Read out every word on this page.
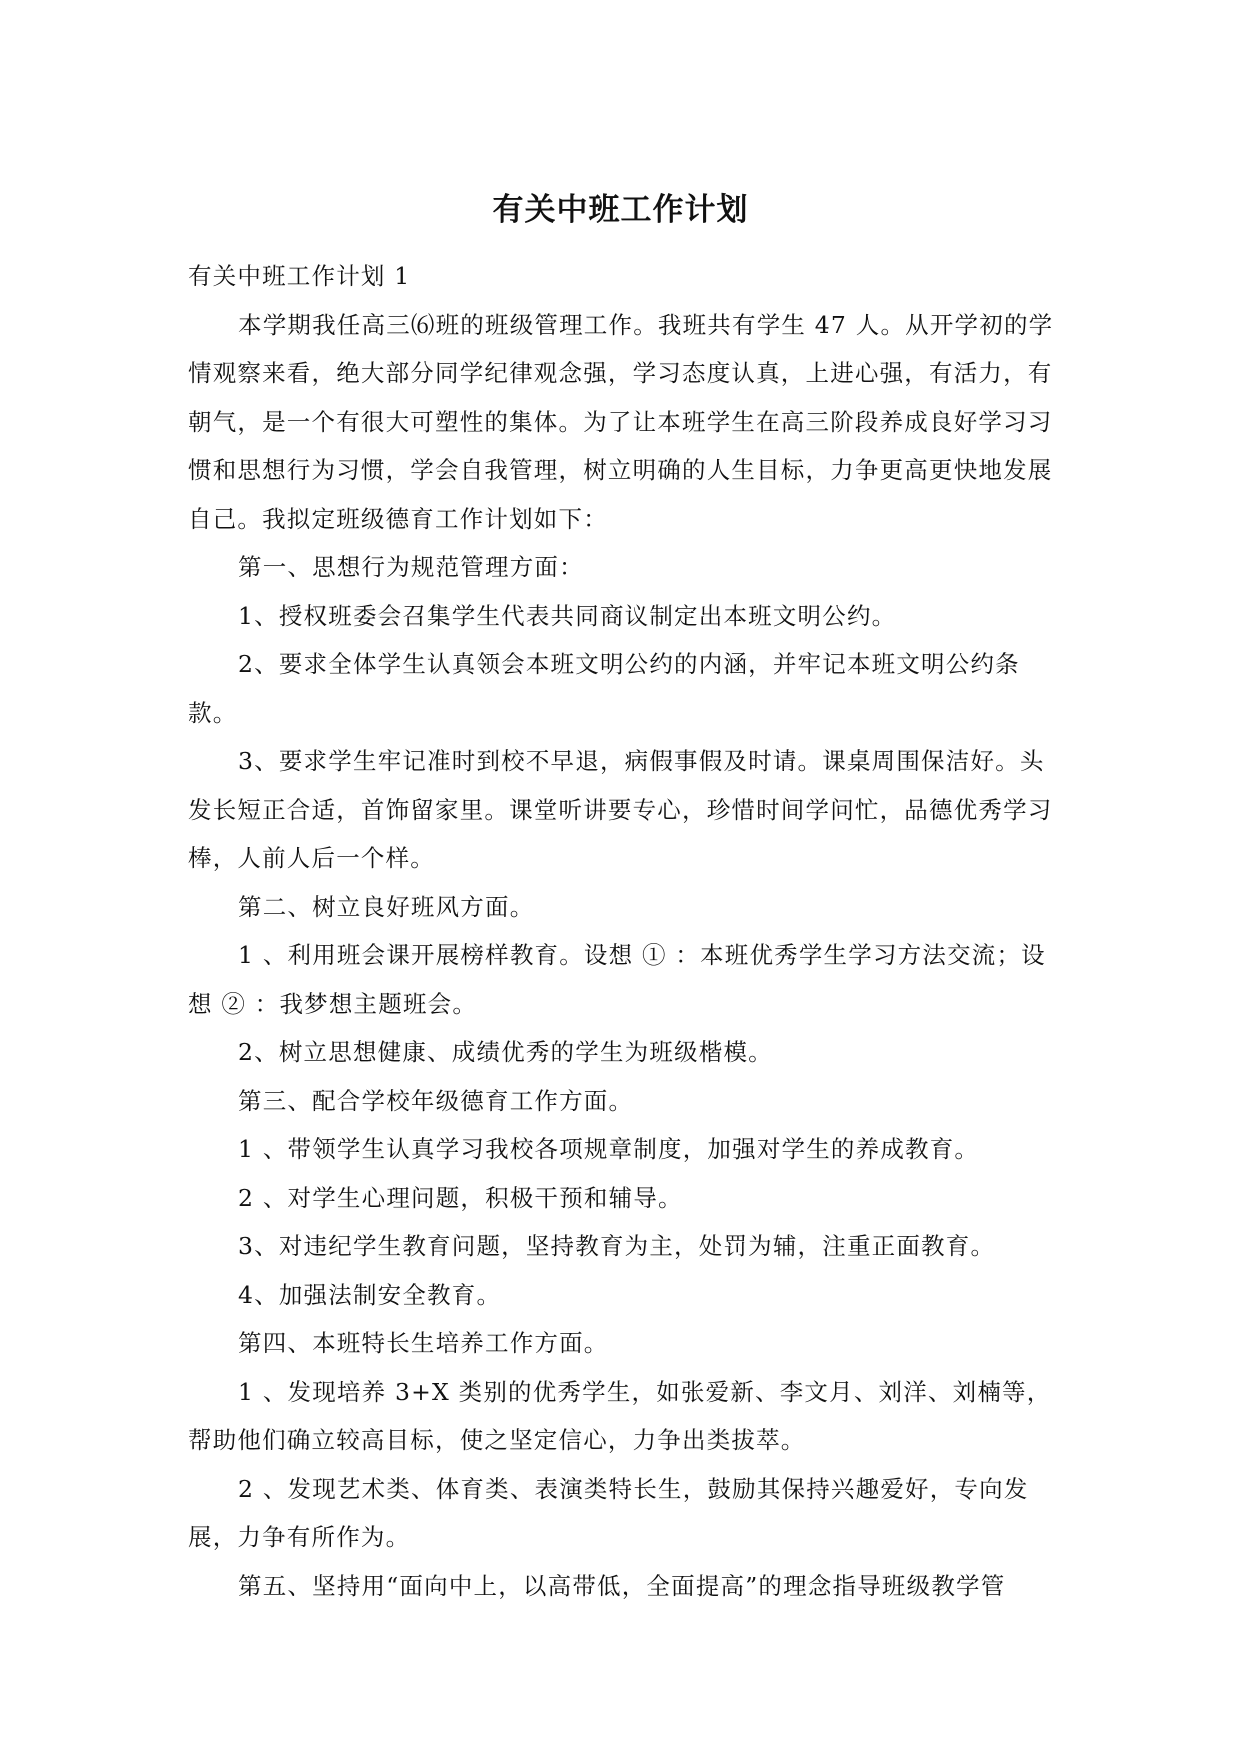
有关中班工作计划

有关中班工作计划 1

本学期我任高三⑹班的班级管理工作。我班共有学生 47 人。从开学初的学情观察来看，绝大部分同学纪律观念强，学习态度认真，上进心强，有活力，有朝气，是一个有很大可塑性的集体。为了让本班学生在高三阶段养成良好学习习惯和思想行为习惯，学会自我管理，树立明确的人生目标，力争更高更快地发展自己。我拟定班级德育工作计划如下：

第一、思想行为规范管理方面：

1、授权班委会召集学生代表共同商议制定出本班文明公约。

2、要求全体学生认真领会本班文明公约的内涵，并牢记本班文明公约条款。

3、要求学生牢记准时到校不早退，病假事假及时请。课桌周围保洁好。头发长短正合适，首饰留家里。课堂听讲要专心，珍惜时间学问忙，品德优秀学习棒，人前人后一个样。

第二、树立良好班风方面。

1 、利用班会课开展榜样教育。设想 ① ：本班优秀学生学习方法交流；设想 ② ：我梦想主题班会。

2、树立思想健康、成绩优秀的学生为班级楷模。

第三、配合学校年级德育工作方面。

1 、带领学生认真学习我校各项规章制度，加强对学生的养成教育。

2 、对学生心理问题，积极干预和辅导。

3、对违纪学生教育问题，坚持教育为主，处罚为辅，注重正面教育。

4、加强法制安全教育。

第四、本班特长生培养工作方面。

1 、发现培养 3+X 类别的优秀学生，如张爱新、李文月、刘洋、刘楠等，帮助他们确立较高目标，使之坚定信心，力争出类拔萃。

2 、发现艺术类、体育类、表演类特长生，鼓励其保持兴趣爱好，专向发展，力争有所作为。

第五、坚持用“面向中上，以高带低，全面提高”的理念指导班级教学管
